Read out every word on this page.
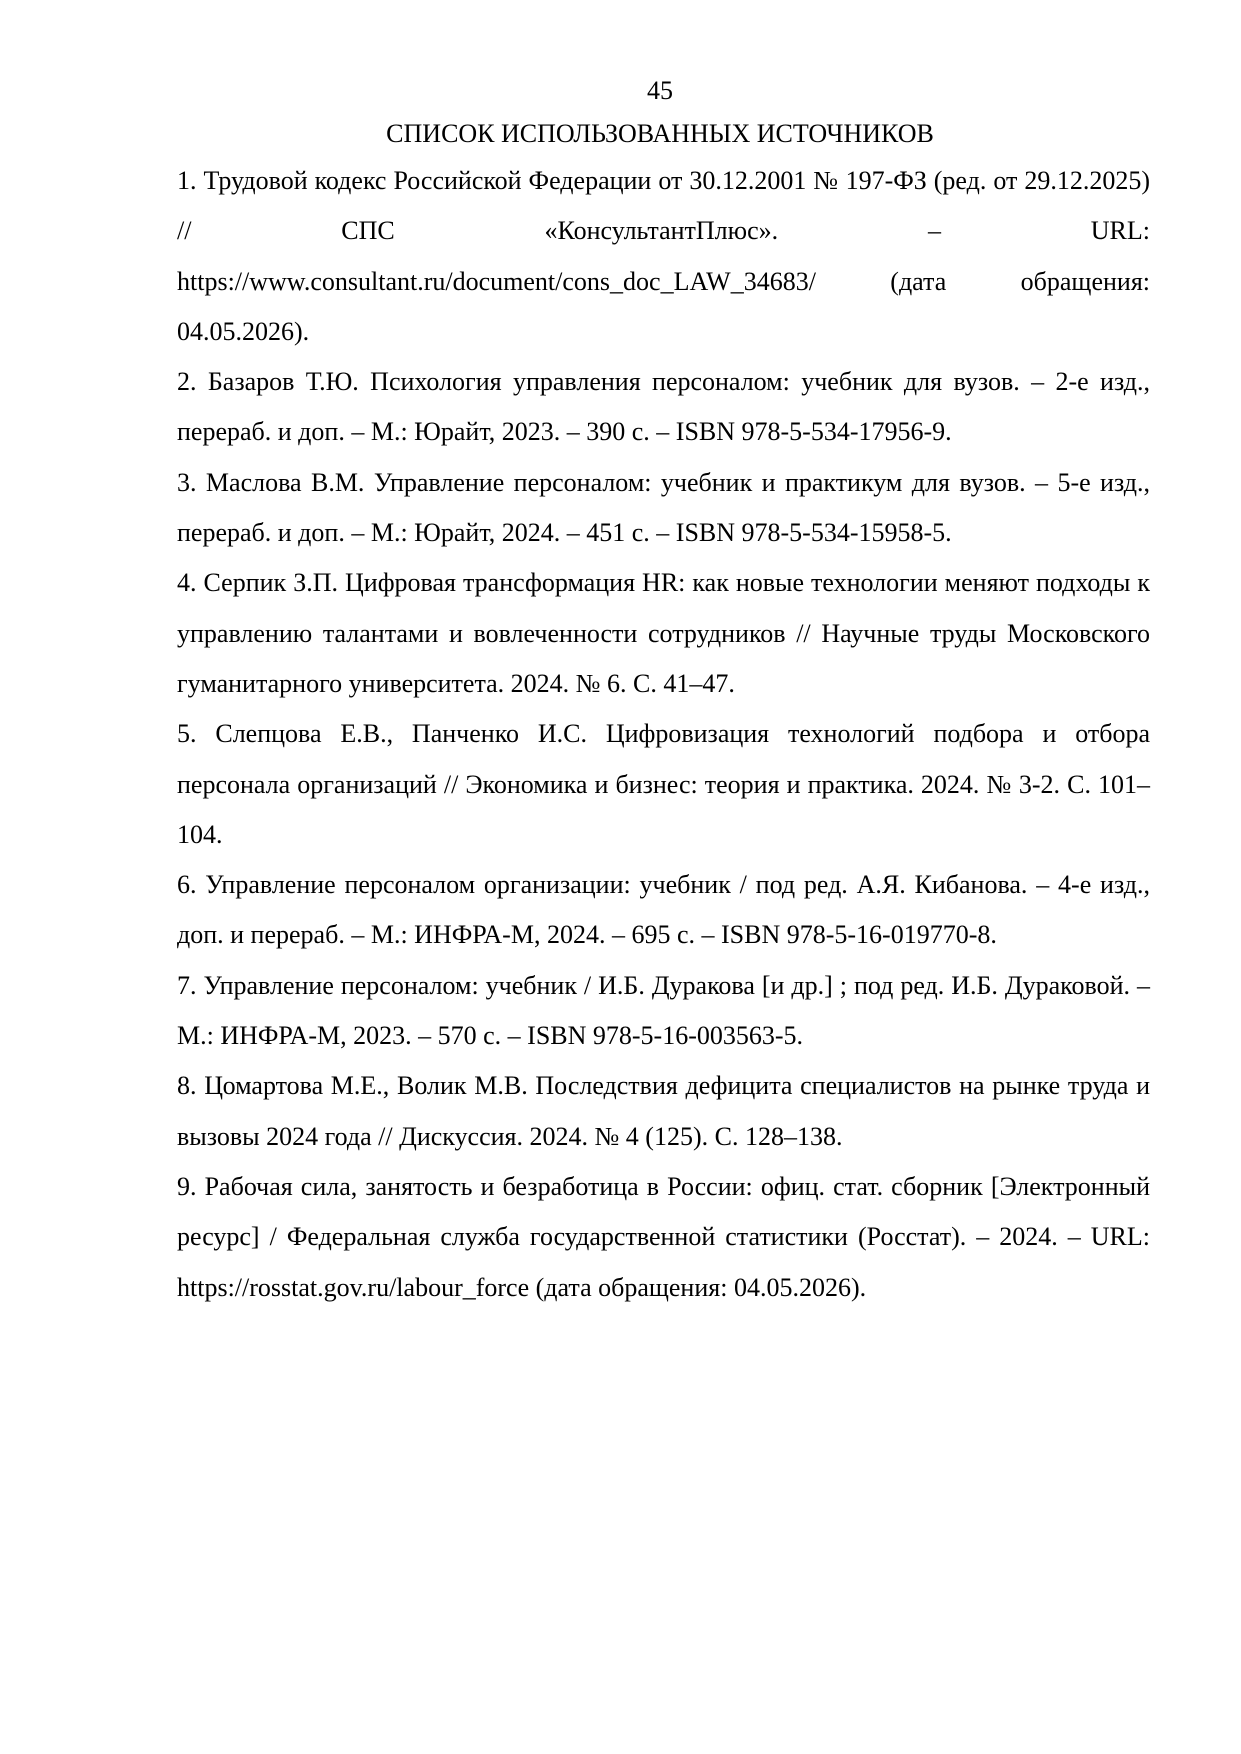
45
СПИСОК ИСПОЛЬЗОВАННЫХ ИСТОЧНИКОВ
1. Трудовой кодекс Российской Федерации от 30.12.2001 № 197-ФЗ (ред. от 29.12.2025) // СПС «КонсультантПлюс». – URL: https://www.consultant.ru/document/cons_doc_LAW_34683/ (дата обращения: 04.05.2026).
2. Базаров Т.Ю. Психология управления персоналом: учебник для вузов. – 2-е изд., перераб. и доп. – М.: Юрайт, 2023. – 390 с. – ISBN 978-5-534-17956-9.
3. Маслова В.М. Управление персоналом: учебник и практикум для вузов. – 5-е изд., перераб. и доп. – М.: Юрайт, 2024. – 451 с. – ISBN 978-5-534-15958-5.
4. Серпик З.П. Цифровая трансформация HR: как новые технологии меняют подходы к управлению талантами и вовлеченности сотрудников // Научные труды Московского гуманитарного университета. 2024. № 6. С. 41–47.
5. Слепцова Е.В., Панченко И.С. Цифровизация технологий подбора и отбора персонала организаций // Экономика и бизнес: теория и практика. 2024. № 3-2. С. 101–104.
6. Управление персоналом организации: учебник / под ред. А.Я. Кибанова. – 4-е изд., доп. и перераб. – М.: ИНФРА-М, 2024. – 695 с. – ISBN 978-5-16-019770-8.
7. Управление персоналом: учебник / И.Б. Дуракова [и др.] ; под ред. И.Б. Дураковой. – М.: ИНФРА-М, 2023. – 570 с. – ISBN 978-5-16-003563-5.
8. Цомартова М.Е., Волик М.В. Последствия дефицита специалистов на рынке труда и вызовы 2024 года // Дискуссия. 2024. № 4 (125). С. 128–138.
9. Рабочая сила, занятость и безработица в России: офиц. стат. сборник [Электронный ресурс] / Федеральная служба государственной статистики (Росстат). – 2024. – URL: https://rosstat.gov.ru/labour_force (дата обращения: 04.05.2026).
